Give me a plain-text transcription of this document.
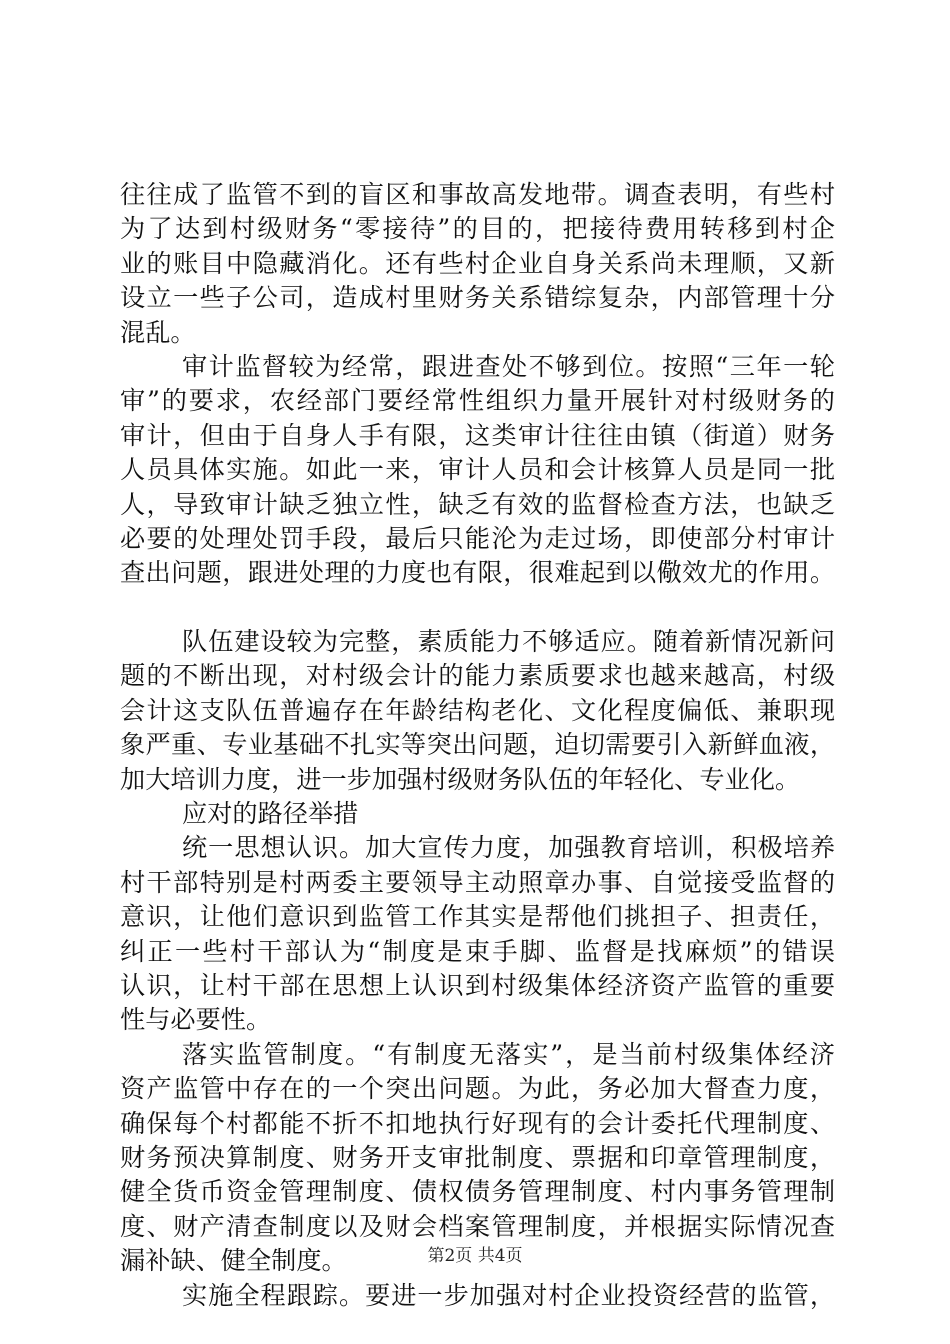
往往成了监管不到的盲区和事故高发地带。调查表明，有些村
为了达到村级财务“零接待”的目的，把接待费用转移到村企
业的账目中隐藏消化。还有些村企业自身关系尚未理顺，又新
设立一些子公司，造成村里财务关系错综复杂，内部管理十分
混乱。
审计监督较为经常，跟进查处不够到位。按照“三年一轮
审”的要求，农经部门要经常性组织力量开展针对村级财务的
审计，但由于自身人手有限，这类审计往往由镇（街道）财务
人员具体实施。如此一来，审计人员和会计核算人员是同一批
人，导致审计缺乏独立性，缺乏有效的监督检查方法，也缺乏
必要的处理处罚手段，最后只能沦为走过场，即使部分村审计
查出问题，跟进处理的力度也有限，很难起到以儆效尤的作用。
队伍建设较为完整，素质能力不够适应。随着新情况新问
题的不断出现，对村级会计的能力素质要求也越来越高，村级
会计这支队伍普遍存在年龄结构老化、文化程度偏低、兼职现
象严重、专业基础不扎实等突出问题，迫切需要引入新鲜血液，
加大培训力度，进一步加强村级财务队伍的年轻化、专业化。
应对的路径举措
统一思想认识。加大宣传力度，加强教育培训，积极培养
村干部特别是村两委主要领导主动照章办事、自觉接受监督的
意识，让他们意识到监管工作其实是帮他们挑担子、担责任，
纠正一些村干部认为“制度是束手脚、监督是找麻烦”的错误
认识，让村干部在思想上认识到村级集体经济资产监管的重要
性与必要性。
落实监管制度。“有制度无落实”，是当前村级集体经济
资产监管中存在的一个突出问题。为此，务必加大督查力度，
确保每个村都能不折不扣地执行好现有的会计委托代理制度、
财务预决算制度、财务开支审批制度、票据和印章管理制度，
健全货币资金管理制度、债权债务管理制度、村内事务管理制
度、财产清查制度以及财会档案管理制度，并根据实际情况查
漏补缺、健全制度。
实施全程跟踪。要进一步加强对村企业投资经营的监管，
第2页 共4页
